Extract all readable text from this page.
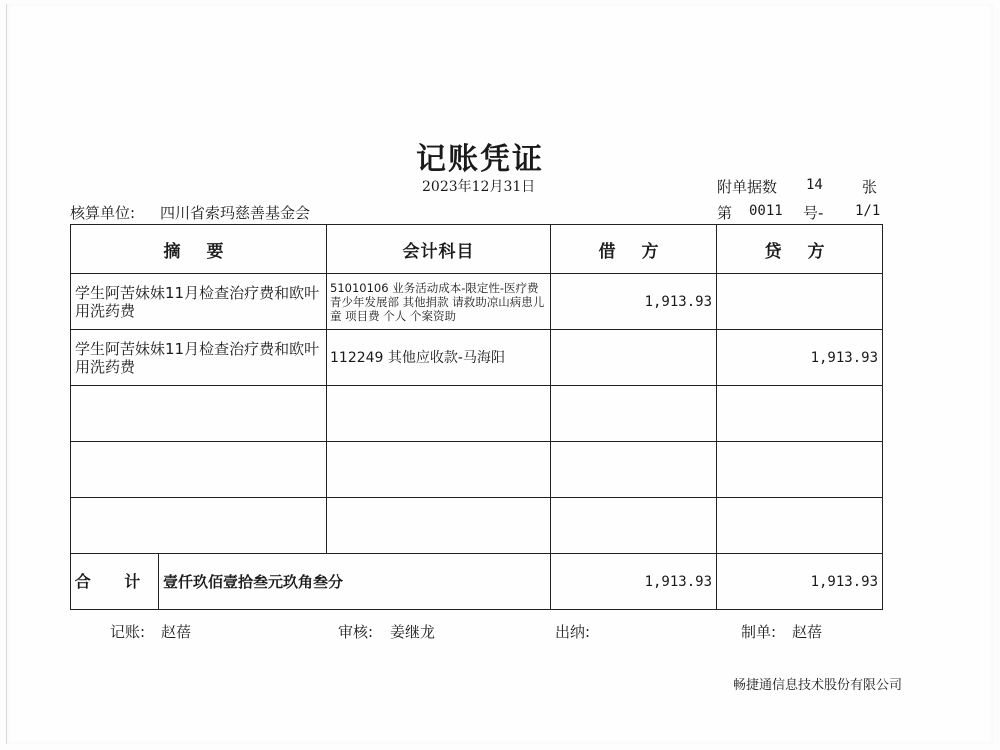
记账凭证
2023年12月31日	附单据数 14	张
核算单位: 四川省索玛慈善基金会	第 0011 号- 1/1
摘 要	会计科目	借 方	贷 方
学生阿苦妹妹11月检查治疗费和欧叶用洗药费	51010106 业务活动成本-限定性-医疗费 青少年发展部 其他捐款 请救助凉山病患儿童 项目费 个人 个案资助	1,913.93	
学生阿苦妹妹11月检查治疗费和欧叶用洗药费	112249 其他应收款-马海阳		1,913.93

合 计 壹仟玖佰壹拾叁元玖角叁分		1,913.93	1,913.93
记账: 赵蓓	审核: 姜继龙	出纳:	制单: 赵蓓
畅捷通信息技术股份有限公司
